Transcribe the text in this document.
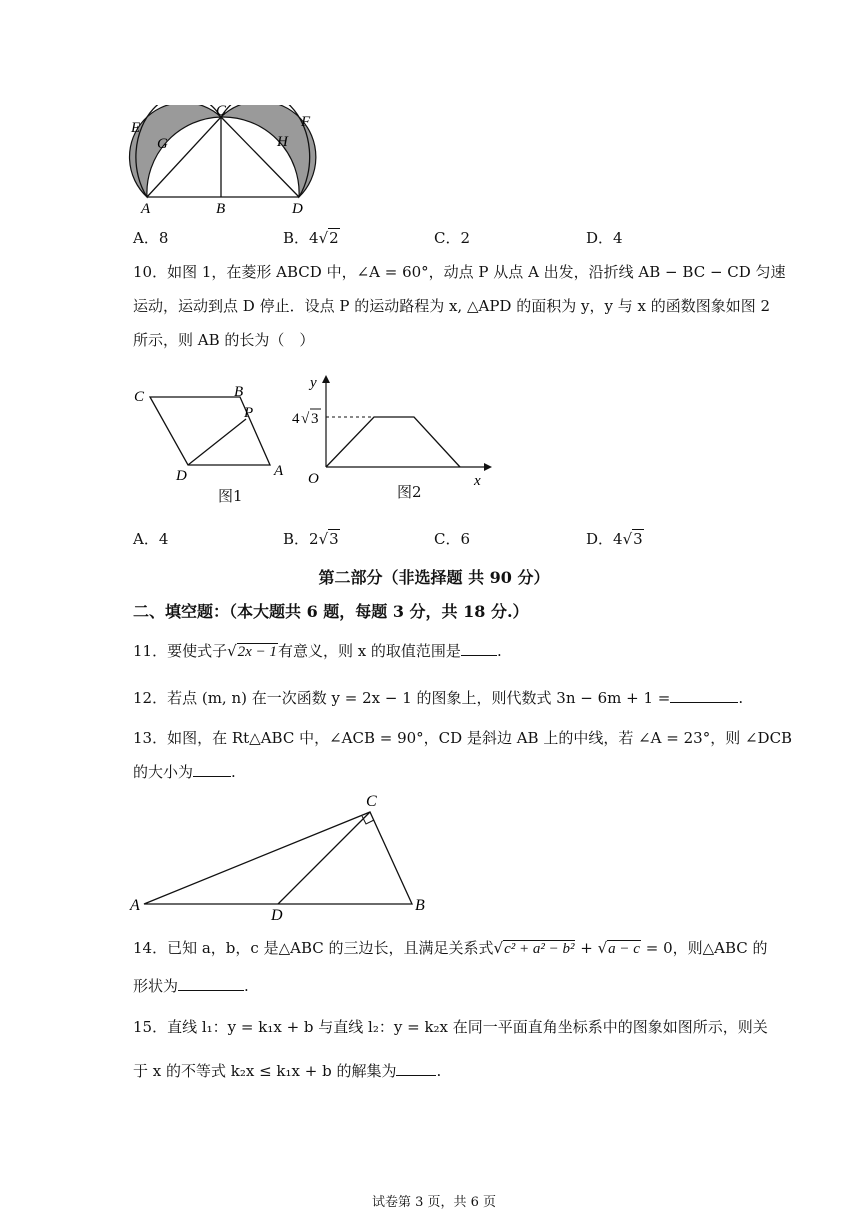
E
C
F
G	H
A	B	D
A．8	B．4√2	C．2	D．4
10．如图 1，在菱形 ABCD 中，∠A = 60°，动点 P 从点 A 出发，沿折线 AB − BC − CD 匀速
运动，运动到点 D 停止．设点 P 的运动路程为 x, △APD 的面积为 y，y 与 x 的函数图象如图 2
所示，则 AB 的长为（　）
C	B
P
D	A
图1
y
x
O
4 √ 3
图2
A．4	B．2√3	C．6	D．4√3
第二部分（非选择题 共 90 分）
二、填空题：（本大题共 6 题，每题 3 分，共 18 分.）
11．要使式子√2x − 1有意义，则 x 的取值范围是 .
12．若点 (m, n) 在一次函数 y = 2x − 1 的图象上，则代数式 3n − 6m + 1 =	.
13．如图，在 Rt△ABC 中，∠ACB = 90°，CD 是斜边 AB 上的中线，若 ∠A = 23°，则 ∠DCB
的大小为	.
C
A
D
B
14．已知 a，b，c 是△ABC 的三边长，且满足关系式√c² + a² − b² + √a − c = 0，则△ABC 的
形状为	.
15．直线 l₁：y = k₁x + b 与直线 l₂：y = k₂x 在同一平面直角坐标系中的图象如图所示，则关
于 x 的不等式 k₂x ≤ k₁x + b 的解集为	.
试卷第 3 页，共 6 页
